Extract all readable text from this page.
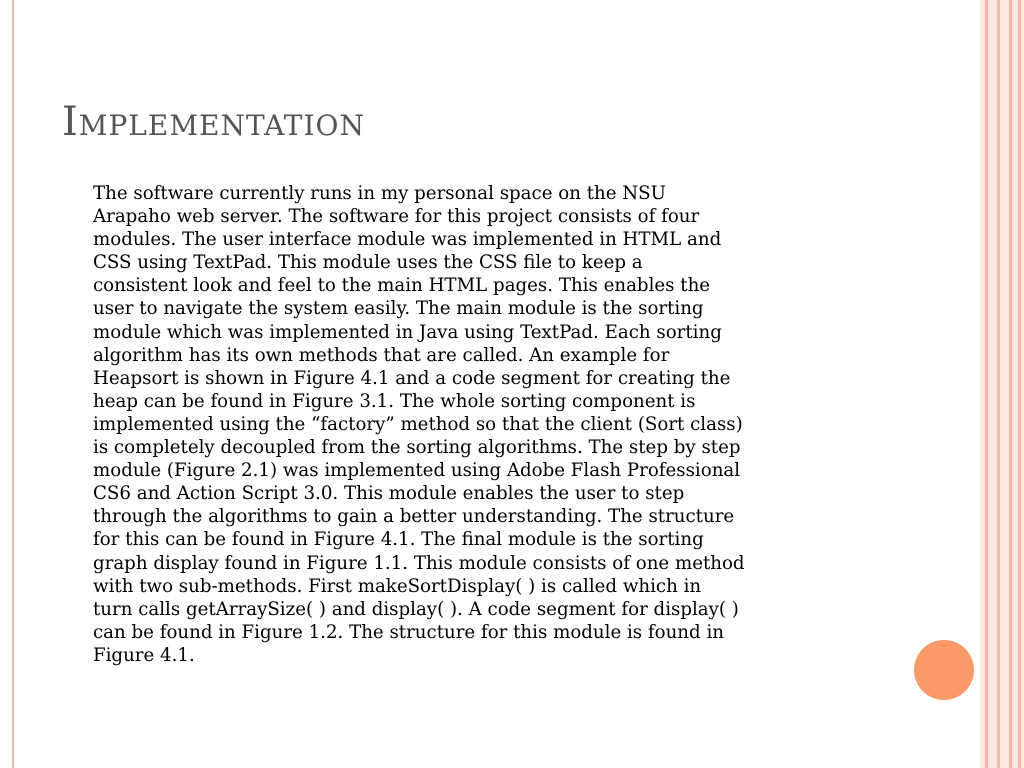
Implementation

The software currently runs in my personal space on the NSU
Arapaho web server. The software for this project consists of four
modules. The user interface module was implemented in HTML and
CSS using TextPad. This module uses the CSS file to keep a
consistent look and feel to the main HTML pages. This enables the
user to navigate the system easily. The main module is the sorting
module which was implemented in Java using TextPad. Each sorting
algorithm has its own methods that are called. An example for
Heapsort is shown in Figure 4.1 and a code segment for creating the
heap can be found in Figure 3.1. The whole sorting component is
implemented using the “factory” method so that the client (Sort class)
is completely decoupled from the sorting algorithms. The step by step
module (Figure 2.1) was implemented using Adobe Flash Professional
CS6 and Action Script 3.0. This module enables the user to step
through the algorithms to gain a better understanding. The structure
for this can be found in Figure 4.1. The final module is the sorting
graph display found in Figure 1.1. This module consists of one method
with two sub-methods. First makeSortDisplay( ) is called which in
turn calls getArraySize( ) and display( ). A code segment for display( )
can be found in Figure 1.2. The structure for this module is found in
Figure 4.1.
